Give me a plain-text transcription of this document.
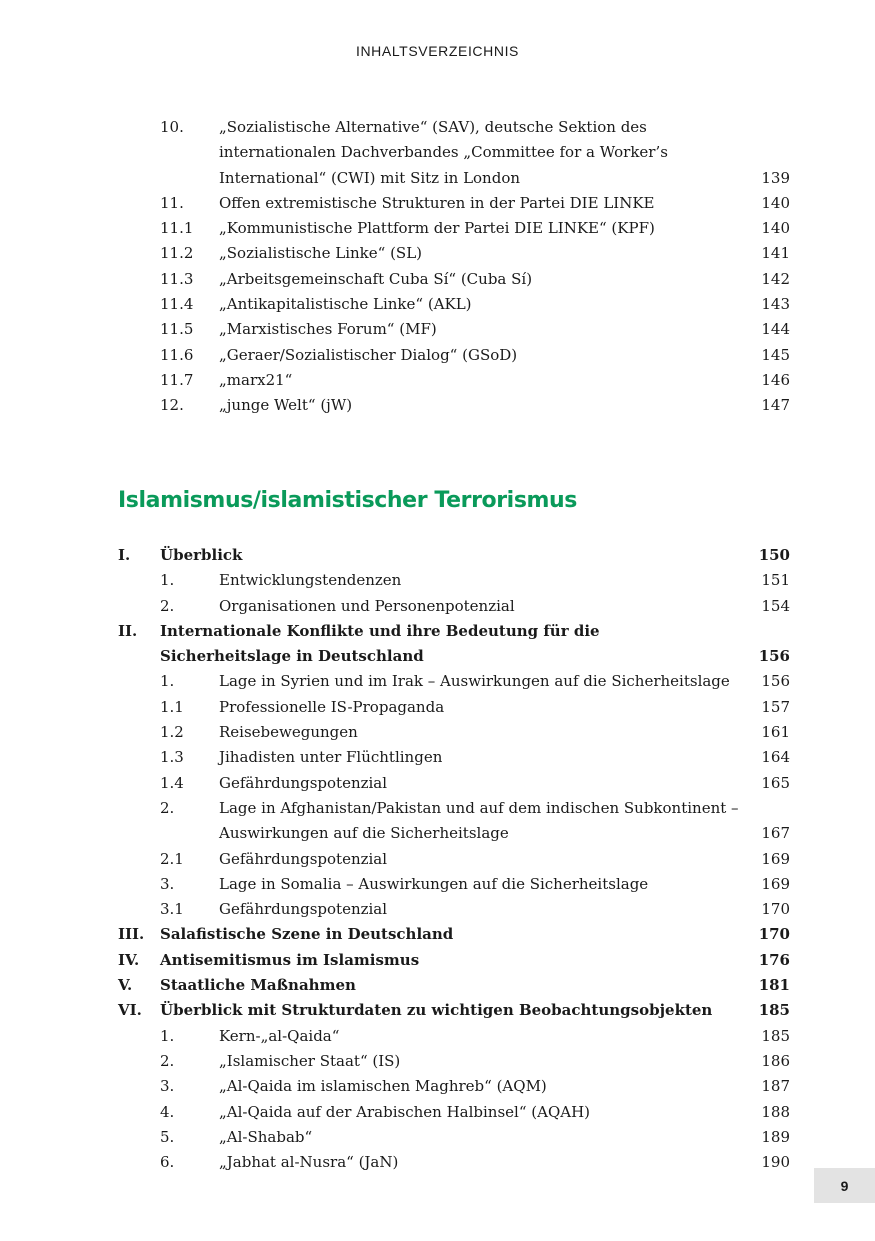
INHALTSVERZEICHNIS
10. „Sozialistische Alternative“ (SAV), deutsche Sektion des internationalen Dachverbandes „Committee for a Worker’s International“ (CWI) mit Sitz in London	139
11. Offen extremistische Strukturen in der Partei DIE LINKE	140
11.1 „Kommunistische Plattform der Partei DIE LINKE“ (KPF)	140
11.2 „Sozialistische Linke“ (SL)	141
11.3 „Arbeitsgemeinschaft Cuba Sí“ (Cuba Sí)	142
11.4 „Antikapitalistische Linke“ (AKL)	143
11.5 „Marxistisches Forum“ (MF)	144
11.6 „Geraer/Sozialistischer Dialog“ (GSoD)	145
11.7 „marx21“	146
12. „junge Welt“ (jW)	147
Islamismus/islamistischer Terrorismus
I. Überblick	150
1.	Entwicklungstendenzen	151
2.	Organisationen und Personenpotenzial	154
II. Internationale Konflikte und ihre Bedeutung für die Sicherheitslage in Deutschland	156
1.	Lage in Syrien und im Irak – Auswirkungen auf die Sicherheitslage	156
1.1 Professionelle IS-Propaganda	157
1.2 Reisebewegungen	161
1.3 Jihadisten unter Flüchtlingen	164
1.4 Gefährdungspotenzial	165
2.	Lage in Afghanistan/Pakistan und auf dem indischen Subkontinent – Auswirkungen auf die Sicherheitslage	167
2.1 Gefährdungspotenzial	169
3.	Lage in Somalia – Auswirkungen auf die Sicherheitslage	169
3.1 Gefährdungspotenzial	170
III. Salafistische Szene in Deutschland	170
IV. Antisemitismus im Islamismus	176
V. Staatliche Maßnahmen	181
VI. Überblick mit Strukturdaten zu wichtigen Beobachtungsobjekten	185
1.	Kern-„al-Qaida“	185
2.	„Islamischer Staat“ (IS)	186
3.	„Al-Qaida im islamischen Maghreb“ (AQM)	187
4.	„Al-Qaida auf der Arabischen Halbinsel“ (AQAH)	188
5.	„Al-Shabab“	189
6.	„Jabhat al-Nusra“ (JaN)	190
9
